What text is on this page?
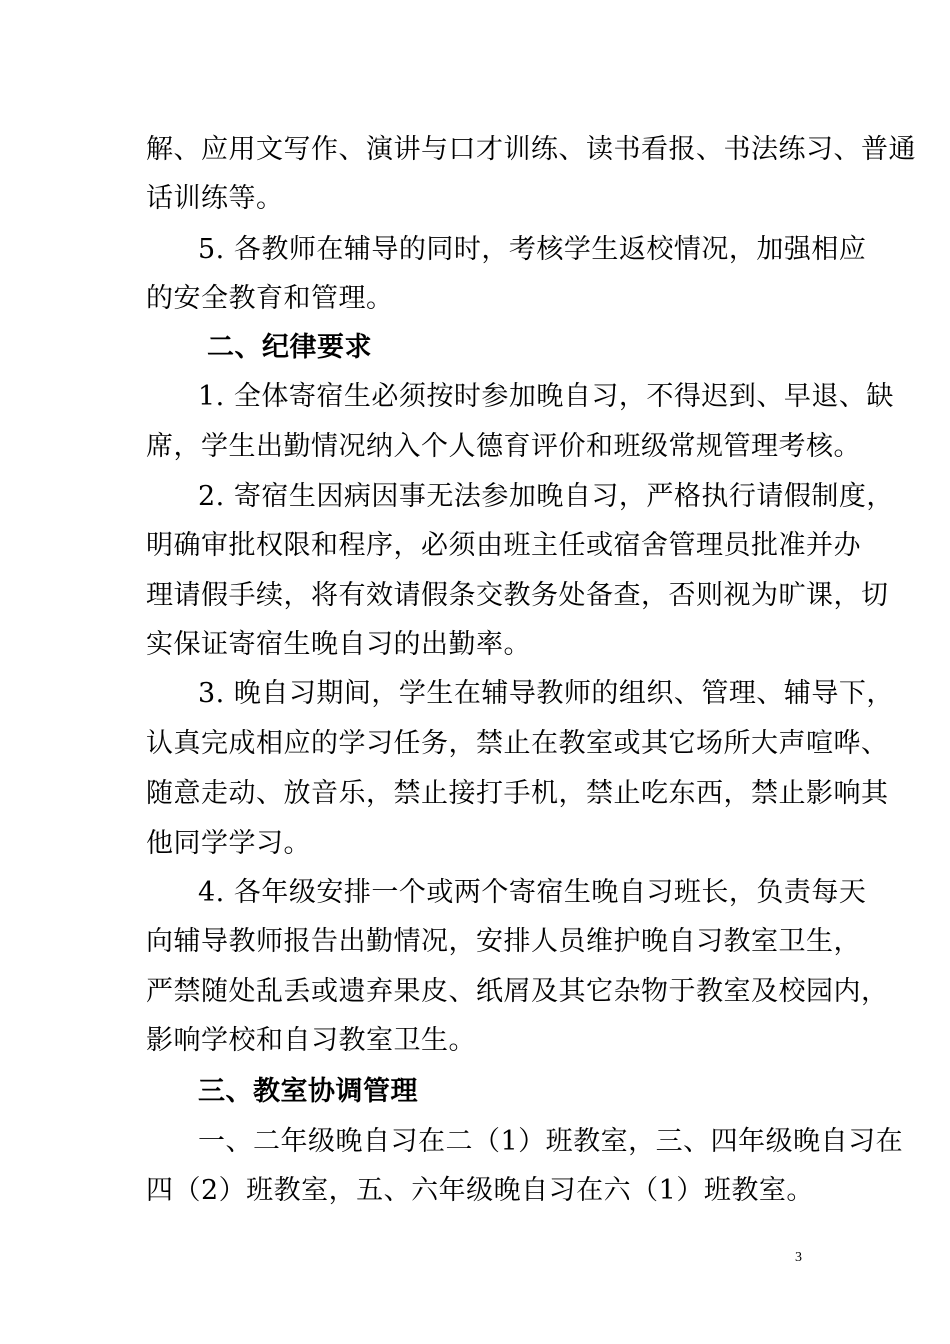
解、应用文写作、演讲与口才训练、读书看报、书法练习、普通
话训练等。
5. 各教师在辅导的同时，考核学生返校情况，加强相应
的安全教育和管理。
二、纪律要求
1. 全体寄宿生必须按时参加晚自习，不得迟到、早退、缺
席，学生出勤情况纳入个人德育评价和班级常规管理考核。
2. 寄宿生因病因事无法参加晚自习，严格执行请假制度，
明确审批权限和程序，必须由班主任或宿舍管理员批准并办
理请假手续，将有效请假条交教务处备查，否则视为旷课，切
实保证寄宿生晚自习的出勤率。
3. 晚自习期间，学生在辅导教师的组织、管理、辅导下，
认真完成相应的学习任务，禁止在教室或其它场所大声喧哗、
随意走动、放音乐，禁止接打手机，禁止吃东西，禁止影响其
他同学学习。
4. 各年级安排一个或两个寄宿生晚自习班长，负责每天
向辅导教师报告出勤情况，安排人员维护晚自习教室卫生，
严禁随处乱丢或遗弃果皮、纸屑及其它杂物于教室及校园内，
影响学校和自习教室卫生。
三、教室协调管理
一、二年级晚自习在二（1）班教室，三、四年级晚自习在
四（2）班教室，五、六年级晚自习在六（1）班教室。
3
